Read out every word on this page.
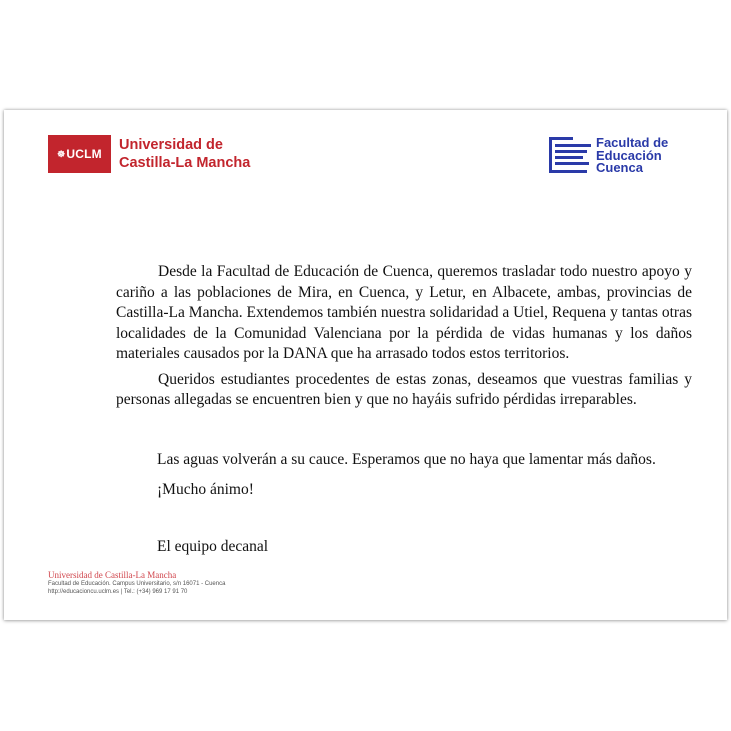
☸ UCLM
Universidad de
Castilla-La Mancha
Facultad de
Educación
Cuenca

Desde la Facultad de Educación de Cuenca, queremos trasladar todo nuestro apoyo y cariño a las poblaciones de Mira, en Cuenca, y Letur, en Albacete, ambas, provincias de Castilla-La Mancha. Extendemos también nuestra solidaridad a Utiel, Requena y tantas otras localidades de la Comunidad Valenciana por la pérdida de vidas humanas y los daños materiales causados por la DANA que ha arrasado todos estos territorios.

Queridos estudiantes procedentes de estas zonas, deseamos que vuestras familias y personas allegadas se encuentren bien y que no hayáis sufrido pérdidas irreparables.

Las aguas volverán a su cauce. Esperamos que no haya que lamentar más daños.
¡Mucho ánimo!
El equipo decanal
Universidad de Castilla-La Mancha
Facultad de Educación. Campus Universitario, s/n 16071 - Cuenca
http://educacioncu.uclm.es | Tel.: (+34) 969 17 91 70
